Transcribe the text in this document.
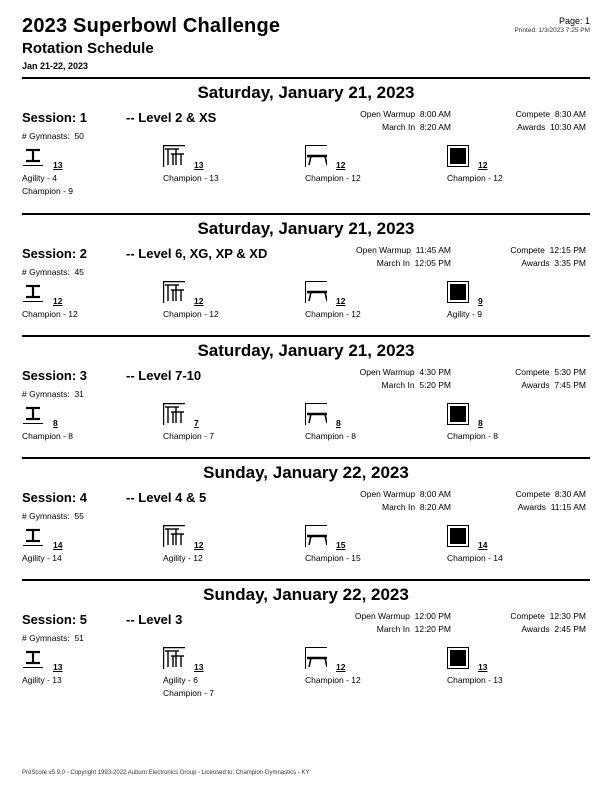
2023 Superbowl Challenge
Rotation Schedule
Jan 21-22, 2023
Page: 1
Printed: 1/3/2023 7:25 PM
Saturday, January 21, 2023
Session: 1	-- Level 2 & XS
# Gymnasts: 50
Open Warmup 8:00 AM
March In 8:20 AM
Compete 8:30 AM
Awards 10:30 AM
13
Agility - 4
Champion - 9
13
Champion - 13
12
Champion - 12
12
Champion - 12
Saturday, January 21, 2023
Session: 2	-- Level 6, XG, XP & XD
# Gymnasts: 45
Open Warmup 11:45 AM
March In 12:05 PM
Compete 12:15 PM
Awards 3:35 PM
12
Champion - 12
12
Champion - 12
12
Champion - 12
9
Agility - 9
Saturday, January 21, 2023
Session: 3	-- Level 7-10
# Gymnasts: 31
Open Warmup 4:30 PM
March In 5:20 PM
Compete 5:30 PM
Awards 7:45 PM
8
Champion - 8
7
Champion - 7
8
Champion - 8
8
Champion - 8
Sunday, January 22, 2023
Session: 4	-- Level 4 & 5
# Gymnasts: 55
Open Warmup 8:00 AM
March In 8:20 AM
Compete 8:30 AM
Awards 11:15 AM
14
Agility - 14
12
Agility - 12
15
Champion - 15
14
Champion - 14
Sunday, January 22, 2023
Session: 5	-- Level 3
# Gymnasts: 51
Open Warmup 12:00 PM
March In 12:20 PM
Compete 12:30 PM
Awards 2:45 PM
13
Agility - 13
13
Agility - 6
Champion - 7
12
Champion - 12
13
Champion - 13
ProScore v5.9.0 - Copyright 1993-2022 Auburn Electronics Group - Licensed to: Champion Gymnastics - KY
